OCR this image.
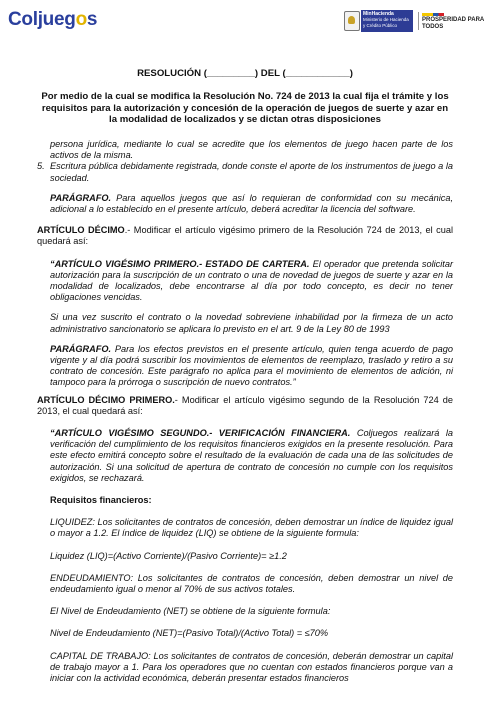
Coljuegos	MinHacienda
Ministerio de Hacienda y Crédito Público
PROSPERIDAD PARA TODOS

RESOLUCIÓN (_________) DEL (____________)

Por medio de la cual se modifica la Resolución No. 724 de 2013 la cual fija el trámite y los requisitos para la autorización y concesión de la operación de juegos de suerte y azar en la modalidad de localizados y se dictan otras disposiciones

persona jurídica, mediante lo cual se acredite que los elementos de juego hacen parte de los activos de la misma.

5. Escritura pública debidamente registrada, donde conste el aporte de los instrumentos de juego a la sociedad.

PARÁGRAFO. Para aquellos juegos que así lo requieran de conformidad con su mecánica, adicional a lo establecido en el presente artículo, deberá acreditar la licencia del software.

ARTÍCULO DÉCIMO.- Modificar el artículo vigésimo primero de la Resolución 724 de 2013, el cual quedará así:

“ARTÍCULO VIGÉSIMO PRIMERO.- ESTADO DE CARTERA. El operador que pretenda solicitar autorización para la suscripción de un contrato o una de novedad de juegos de suerte y azar en la modalidad de localizados, debe encontrarse al día por todo concepto, es decir no tener obligaciones vencidas.

Si una vez suscrito el contrato o la novedad sobreviene inhabilidad por la firmeza de un acto administrativo sancionatorio se aplicara lo previsto en el art. 9 de la Ley 80 de 1993

PARÁGRAFO. Para los efectos previstos en el presente artículo, quien tenga acuerdo de pago vigente y al día podrá suscribir los movimientos de elementos de reemplazo, traslado y retiro a su contrato de concesión. Este parágrafo no aplica para el movimiento de elementos de adición, ni tampoco para la prórroga o suscripción de nuevo contratos.”

ARTÍCULO DÉCIMO PRIMERO.- Modificar el artículo vigésimo segundo de la Resolución 724 de 2013, el cual quedará así:

“ARTÍCULO VIGÉSIMO SEGUNDO.- VERIFICACIÓN FINANCIERA. Coljuegos realizará la verificación del cumplimiento de los requisitos financieros exigidos en la presente resolución. Para este efecto emitirá concepto sobre el resultado de la evaluación de cada una de las solicitudes de autorización. Si una solicitud de apertura de contrato de concesión no cumple con los requisitos exigidos, se rechazará.

Requisitos financieros:

LIQUIDEZ: Los solicitantes de contratos de concesión, deben demostrar un índice de liquidez igual o mayor a 1.2. El índice de liquidez (LIQ) se obtiene de la siguiente formula:

Liquidez (LIQ)=(Activo Corriente)/(Pasivo Corriente)= ≥1.2

ENDEUDAMIENTO: Los solicitantes de contratos de concesión, deben demostrar un nivel de endeudamiento igual o menor al 70% de sus activos totales.

El Nivel de Endeudamiento (NET) se obtiene de la siguiente formula:

Nivel de Endeudamiento (NET)=(Pasivo Total)/(Activo Total) = ≤70%

CAPITAL DE TRABAJO: Los solicitantes de contratos de concesión, deberán demostrar un capital de trabajo mayor a 1. Para los operadores que no cuentan con estados financieros porque van a iniciar con la actividad económica, deberán presentar estados financieros
